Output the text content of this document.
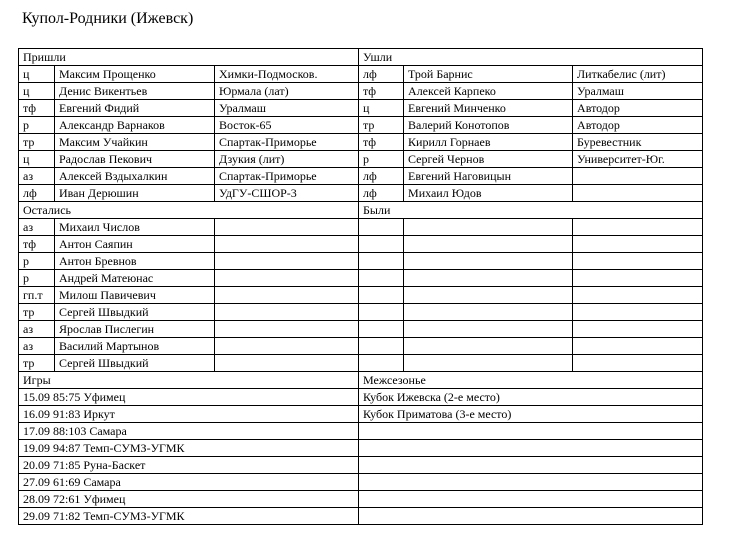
Купол-Родники (Ижевск)
Пришли			Ушли		
ц	Максим Прощенко	Химки-Подмосков.	лф	Трой Барнис	Литкабелис (лит)
ц	Денис Викентьев	Юрмала (лат)	тф	Алексей Карпеко	Уралмаш
тф	Евгений Фидий	Уралмаш	ц	Евгений Минченко	Автодор
р	Александр Варнаков	Восток-65	тр	Валерий Конотопов	Автодор
тр	Максим Учайкин	Спартак-Приморье	тф	Кирилл Горнаев	Буревестник
ц	Радослав Пекович	Дзукия (лит)	р	Сергей Чернов	Университет-Юг.
аз	Алексей Вздыхалкин	Спартак-Приморье	лф	Евгений Наговицын	
лф	Иван Дерюшин	УдГУ-СШОР-3	лф	Михаил Юдов	
Остались			Были		
аз	Михаил Числов				
тф	Антон Саяпин				
р	Антон Бревнов				
р	Андрей Матеюнас				
гп.т	Милош Павичевич				
тр	Сергей Швыдкий				
аз	Ярослав Пислегин				
аз	Василий Мартынов				
тр	Сергей Швыдкий				
Игры			Межсезонье		
15.09 85:75 Уфимец			Кубок Ижевска (2-е место)		
16.09 91:83 Иркут			Кубок Приматова (3-е место)		
17.09 88:103 Самара					
19.09 94:87 Темп-СУМЗ-УГМК					
20.09 71:85 Руна-Баскет					
27.09 61:69 Самара					
28.09 72:61 Уфимец					
29.09 71:82 Темп-СУМЗ-УГМК					
